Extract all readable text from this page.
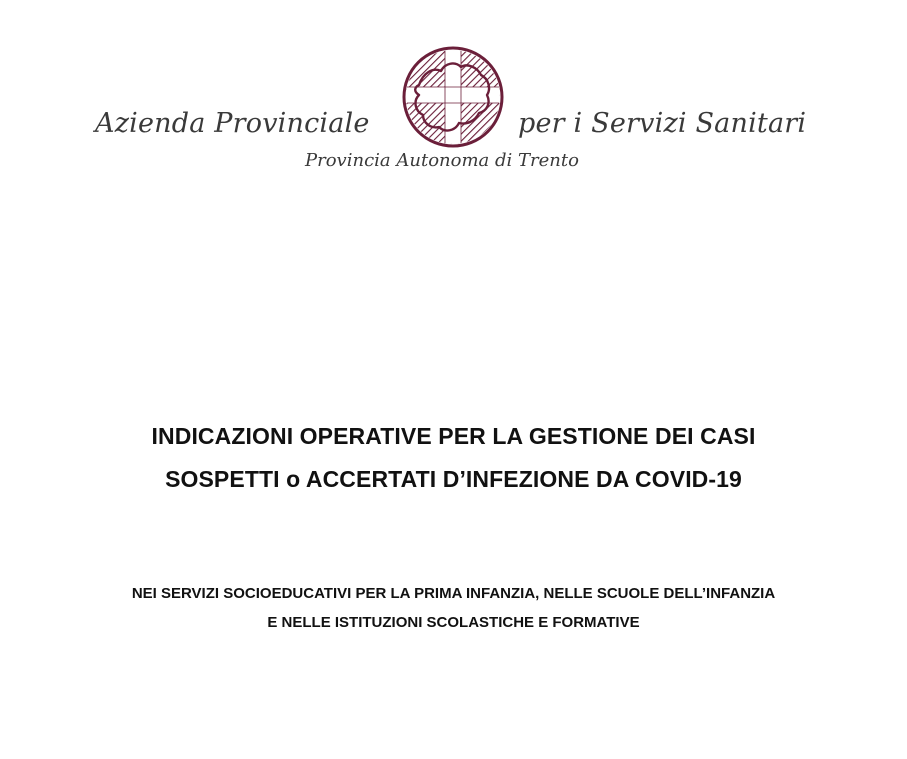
Azienda Provinciale	per i Servizi Sanitari
Provincia Autonoma di Trento
INDICAZIONI OPERATIVE PER LA GESTIONE DEI CASI
SOSPETTI o ACCERTATI D’INFEZIONE DA COVID-19
NEI SERVIZI SOCIOEDUCATIVI PER LA PRIMA INFANZIA, NELLE SCUOLE DELL’INFANZIA
E NELLE ISTITUZIONI SCOLASTICHE E FORMATIVE
